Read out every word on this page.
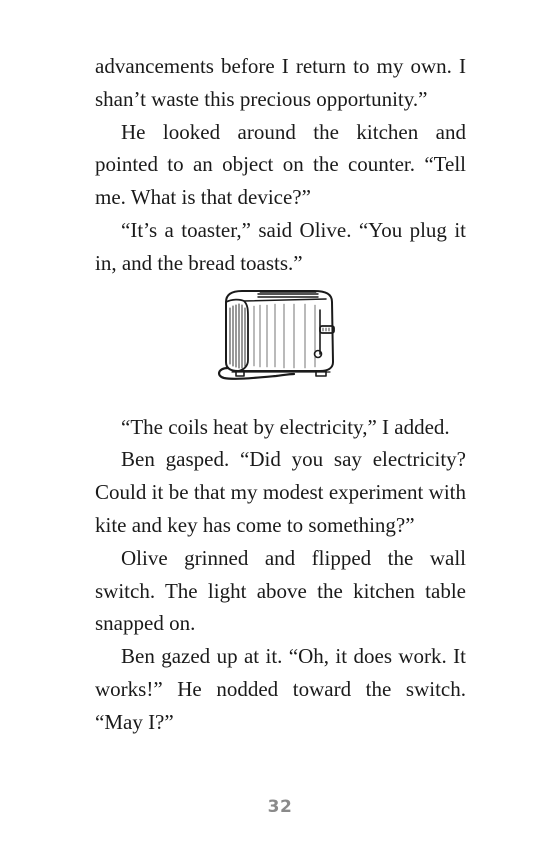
advancements before I return to my own. I shan’t waste this precious opportunity.”

He looked around the kitchen and pointed to an object on the counter. “Tell me. What is that device?”

“It’s a toaster,” said Olive. “You plug it in, and the bread toasts.”

“The coils heat by electricity,” I added.

Ben gasped. “Did you say electricity? Could it be that my modest experiment with kite and key has come to something?”

Olive grinned and flipped the wall switch. The light above the kitchen table snapped on.

Ben gazed up at it. “Oh, it does work. It works!” He nodded toward the switch. “May I?”

32
